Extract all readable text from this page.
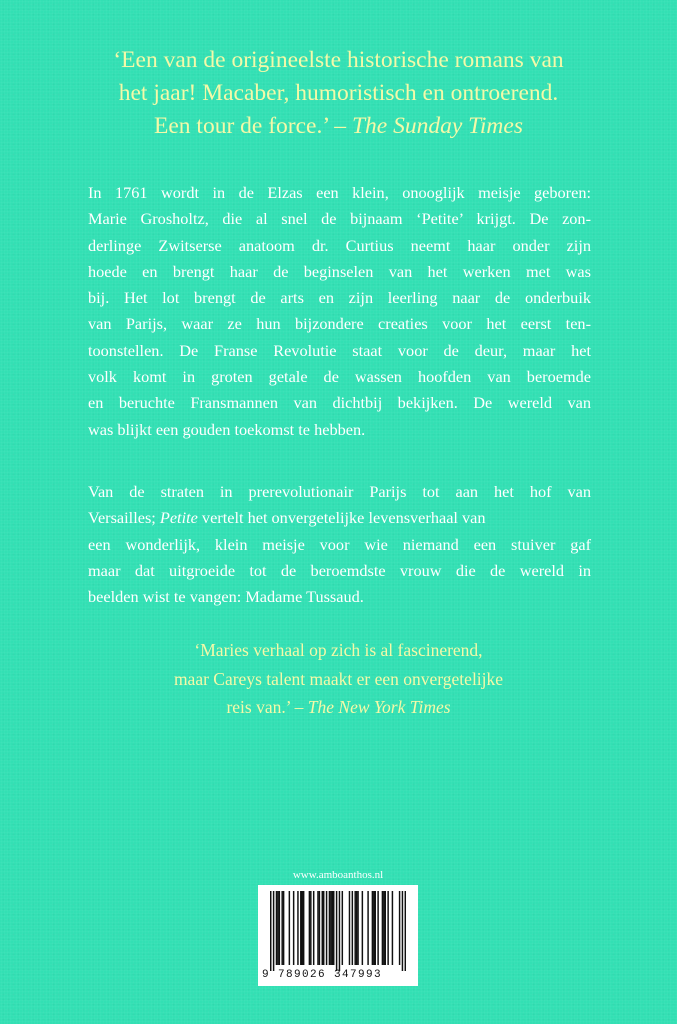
‘Een van de origineelste historische romans van
het jaar! Macaber, humoristisch en ontroerend.
Een tour de force.’ – The Sunday Times
In 1761 wordt in de Elzas een klein, onooglijk meisje geboren:
Marie Grosholtz, die al snel de bijnaam ‘Petite’ krijgt. De zon-
derlinge Zwitserse anatoom dr. Curtius neemt haar onder zijn
hoede en brengt haar de beginselen van het werken met was
bij. Het lot brengt de arts en zijn leerling naar de onderbuik
van Parijs, waar ze hun bijzondere creaties voor het eerst ten-
toonstellen. De Franse Revolutie staat voor de deur, maar het
volk komt in groten getale de wassen hoofden van beroemde
en beruchte Fransmannen van dichtbij bekijken. De wereld van
was blijkt een gouden toekomst te hebben.
Van de straten in prerevolutionair Parijs tot aan het hof van
Versailles; Petite vertelt het onvergetelijke levensverhaal van
een wonderlijk, klein meisje voor wie niemand een stuiver gaf
maar dat uitgroeide tot de beroemdste vrouw die de wereld in
beelden wist te vangen: Madame Tussaud.
‘Maries verhaal op zich is al fascinerend,
maar Careys talent maakt er een onvergetelijke
reis van.’ – The New York Times
www.amboanthos.nl
9 789026 347993
